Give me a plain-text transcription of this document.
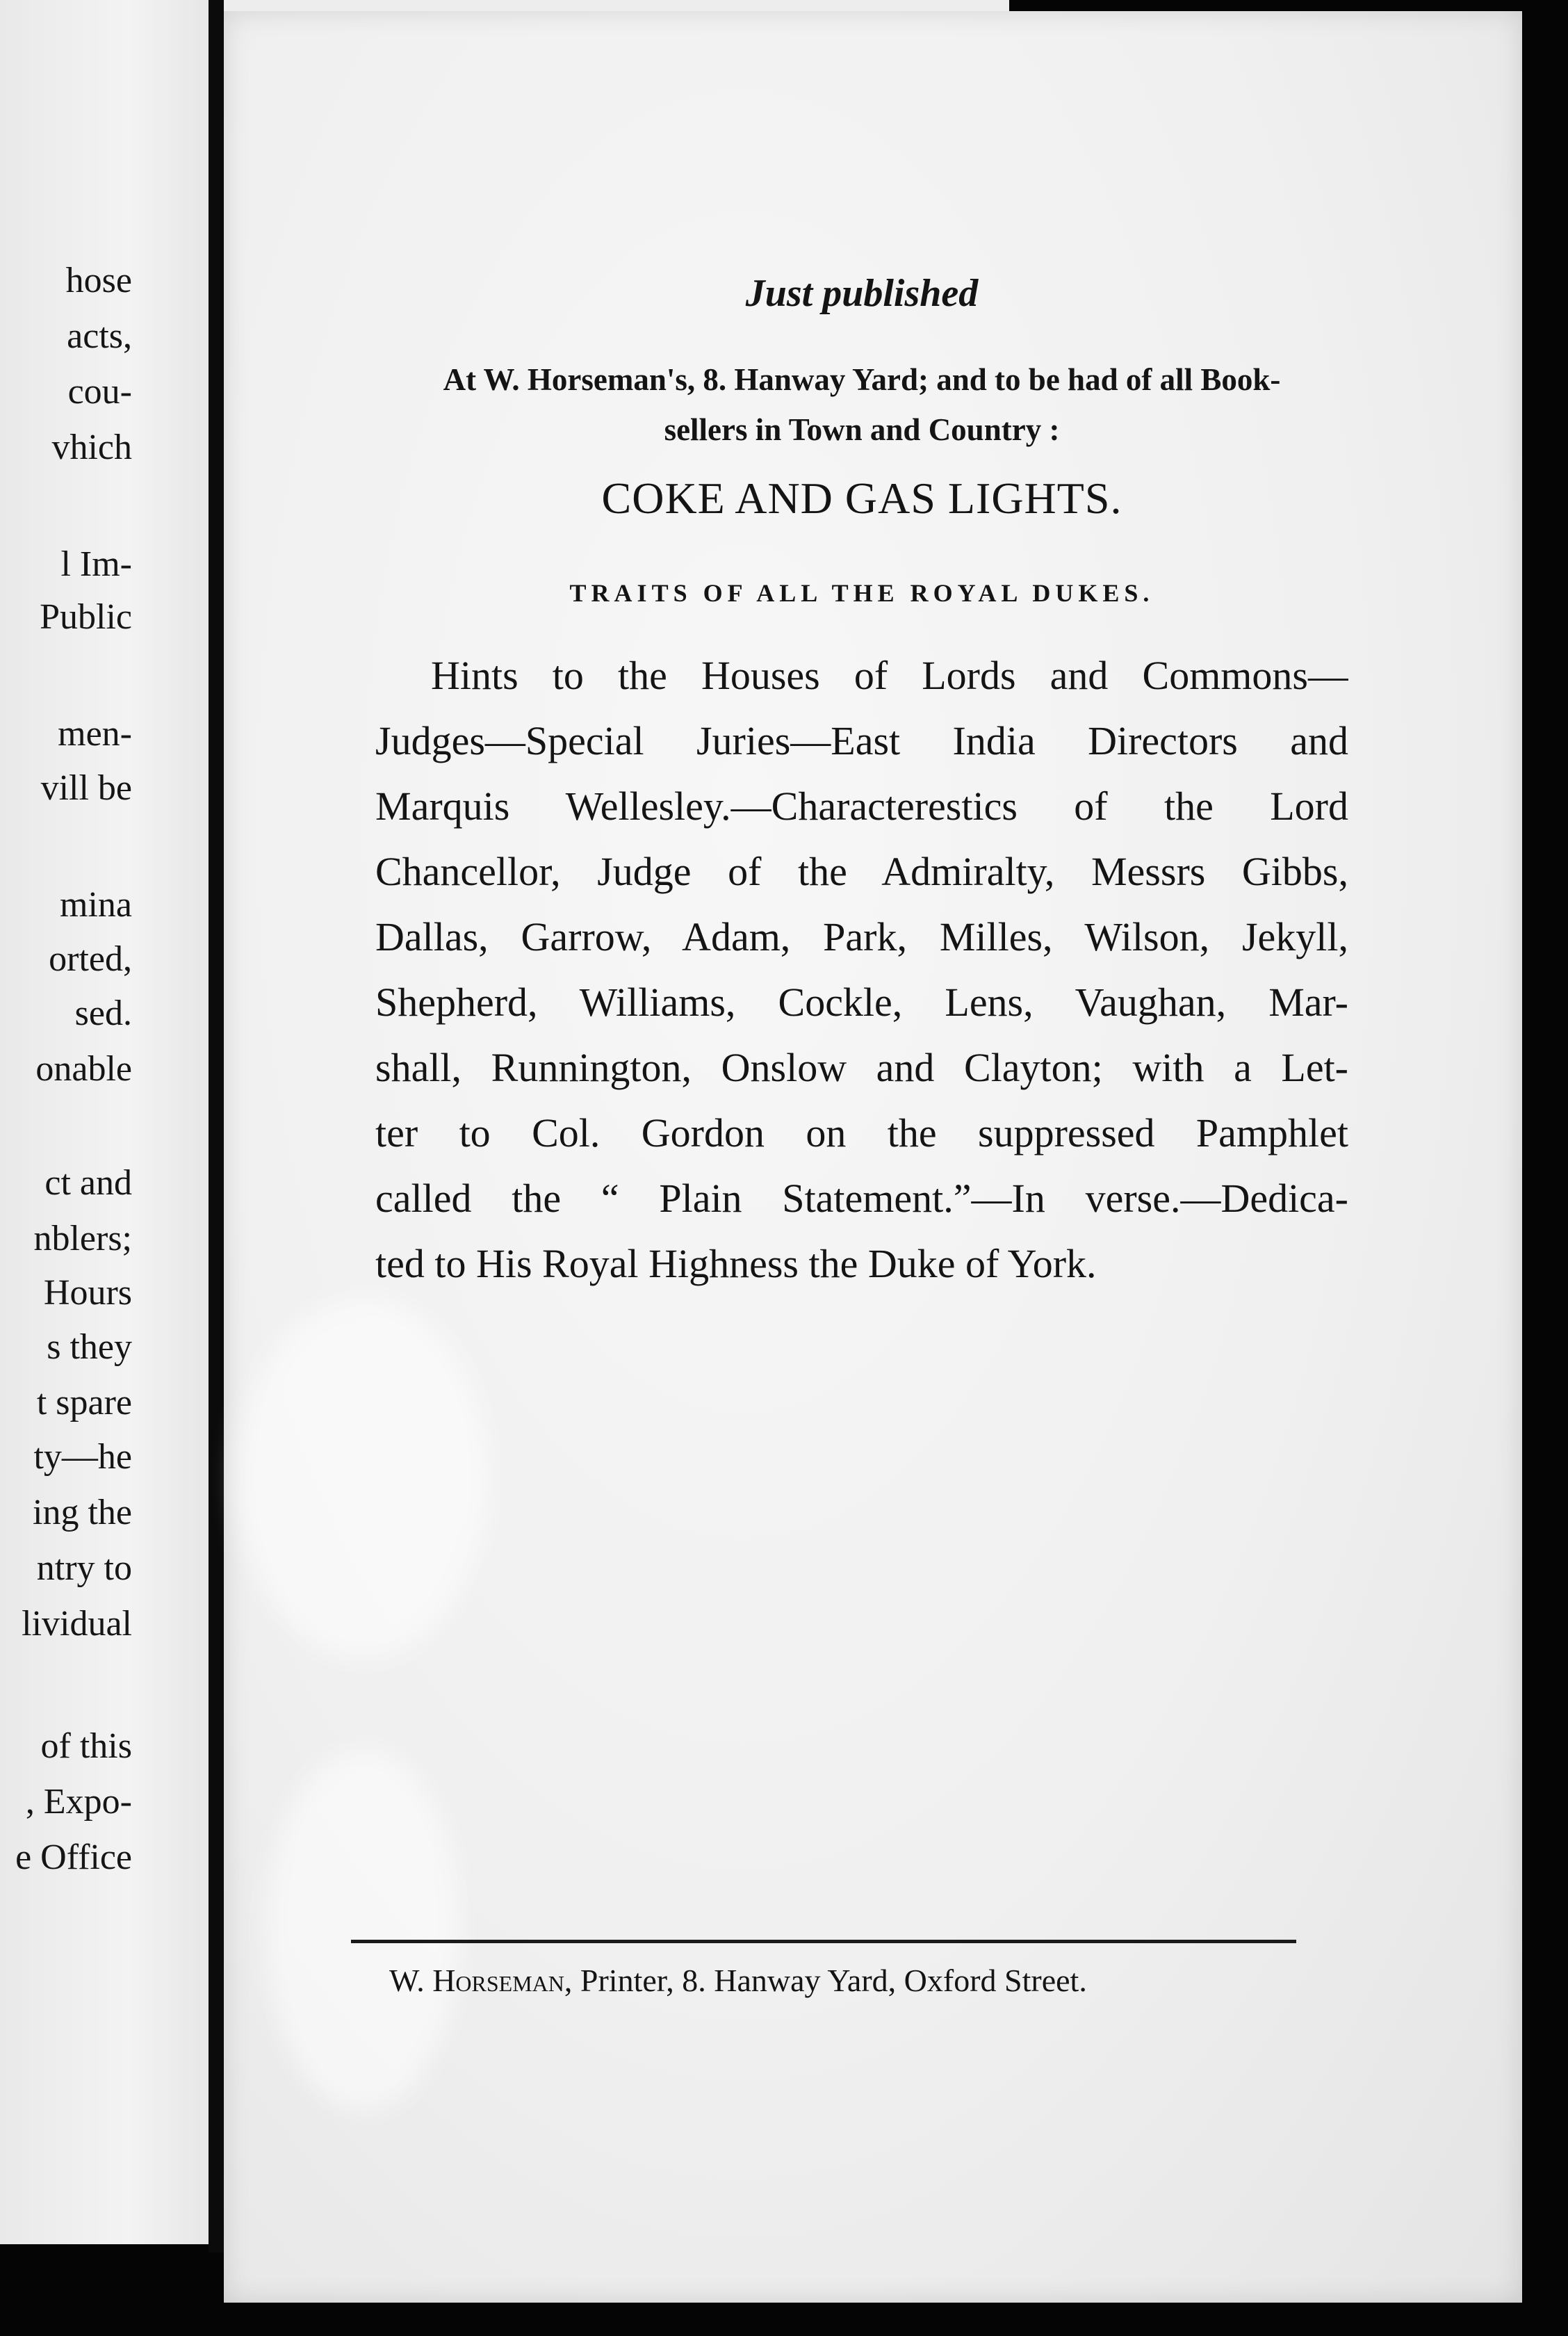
hose
acts,
cou-
vhich
l Im-
Public
men-
vill be
mina
orted,
sed.
onable
ct and
nblers;
Hours
s they
t spare
ty—he
ing the
ntry to
lividual
of this
, Expo-
e Office
Just published
At W. Horseman's, 8. Hanway Yard; and to be had of all Book-
sellers in Town and Country :
COKE AND GAS LIGHTS.
TRAITS OF ALL THE ROYAL DUKES.
Hints to the Houses of Lords and Commons—
Judges—Special Juries—East India Directors and
Marquis Wellesley.—Characterestics of the Lord
Chancellor, Judge of the Admiralty, Messrs Gibbs,
Dallas, Garrow, Adam, Park, Milles, Wilson, Jekyll,
Shepherd, Williams, Cockle, Lens, Vaughan, Mar-
shall, Runnington, Onslow and Clayton; with a Let-
ter to Col. Gordon on the suppressed Pamphlet
called the “ Plain Statement.”—In verse.—Dedica-
ted to His Royal Highness the Duke of York.
W. Horseman, Printer, 8. Hanway Yard, Oxford Street.
